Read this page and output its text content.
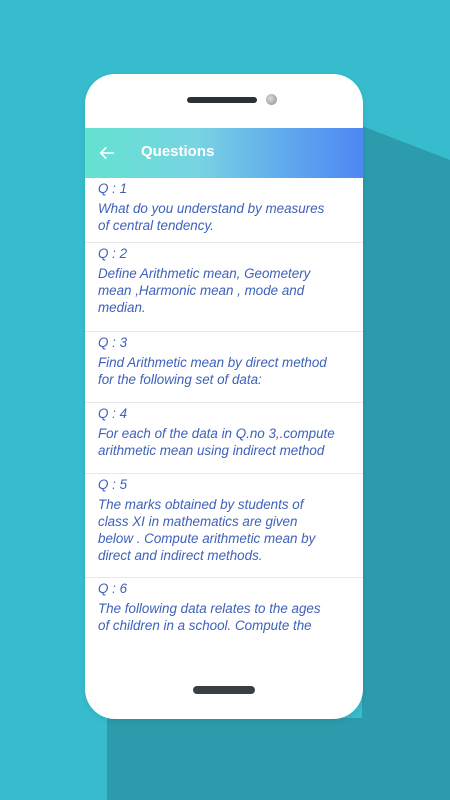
Questions
Q : 1
What do you understand by measures
of central tendency.
Q : 2
Define Arithmetic mean, Geometery
mean ,Harmonic mean , mode and
median.
Q : 3
Find Arithmetic mean by direct method
for the following set of data:
Q : 4
For each of the data in Q.no 3,.compute
arithmetic mean using indirect method
Q : 5
The marks obtained by students of
class XI in mathematics are given
below . Compute arithmetic mean by
direct and indirect methods.
Q : 6
The following data relates to the ages
of children in a school. Compute the
